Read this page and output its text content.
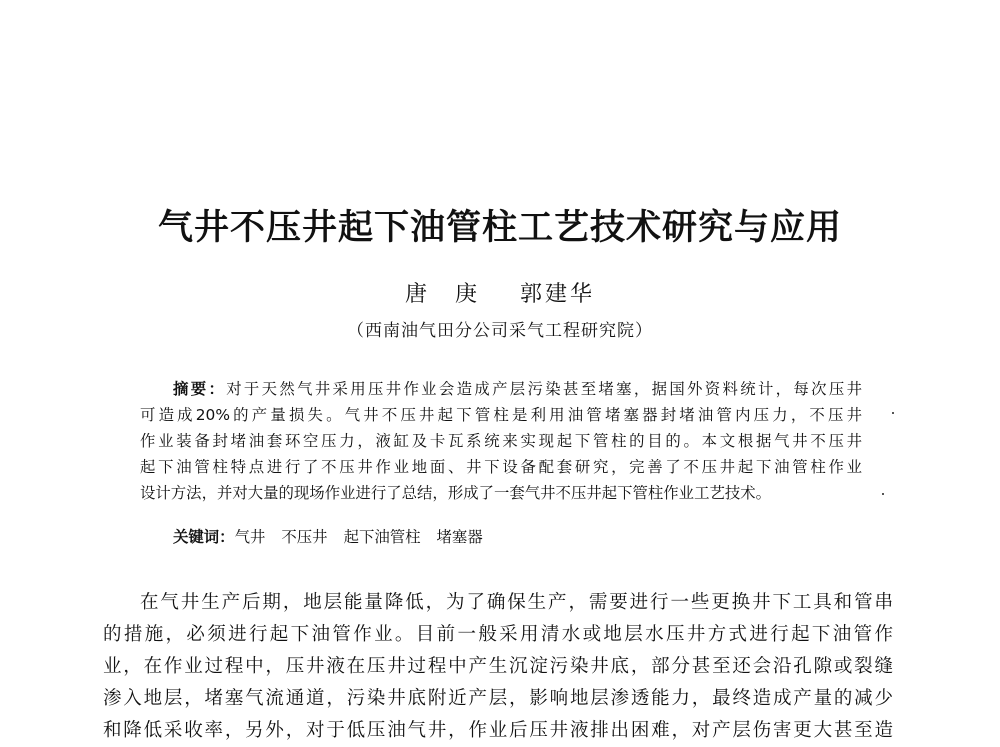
气井不压井起下油管柱工艺技术研究与应用
唐　庚 郭建华
（西南油气田分公司采气工程研究院）
摘要：对于天然气井采用压井作业会造成产层污染甚至堵塞，据国外资料统计，每次压井
可造成20%的产量损失。气井不压井起下管柱是利用油管堵塞器封堵油管内压力，不压井
作业装备封堵油套环空压力，液缸及卡瓦系统来实现起下管柱的目的。本文根据气井不压井
起下油管柱特点进行了不压井作业地面、井下设备配套研究，完善了不压井起下油管柱作业
设计方法，并对大量的现场作业进行了总结，形成了一套气井不压井起下管柱作业工艺技术。
关键词：气井 不压井 起下油管柱 堵塞器
在气井生产后期，地层能量降低，为了确保生产，需要进行一些更换井下工具和管串
的措施，必须进行起下油管作业。目前一般采用清水或地层水压井方式进行起下油管作
业，在作业过程中，压井液在压井过程中产生沉淀污染井底，部分甚至还会沿孔隙或裂缝
渗入地层，堵塞气流通道，污染井底附近产层，影响地层渗透能力，最终造成产量的减少
和降低采收率，另外，对于低压油气井，作业后压井液排出困难，对产层伤害更大甚至造
